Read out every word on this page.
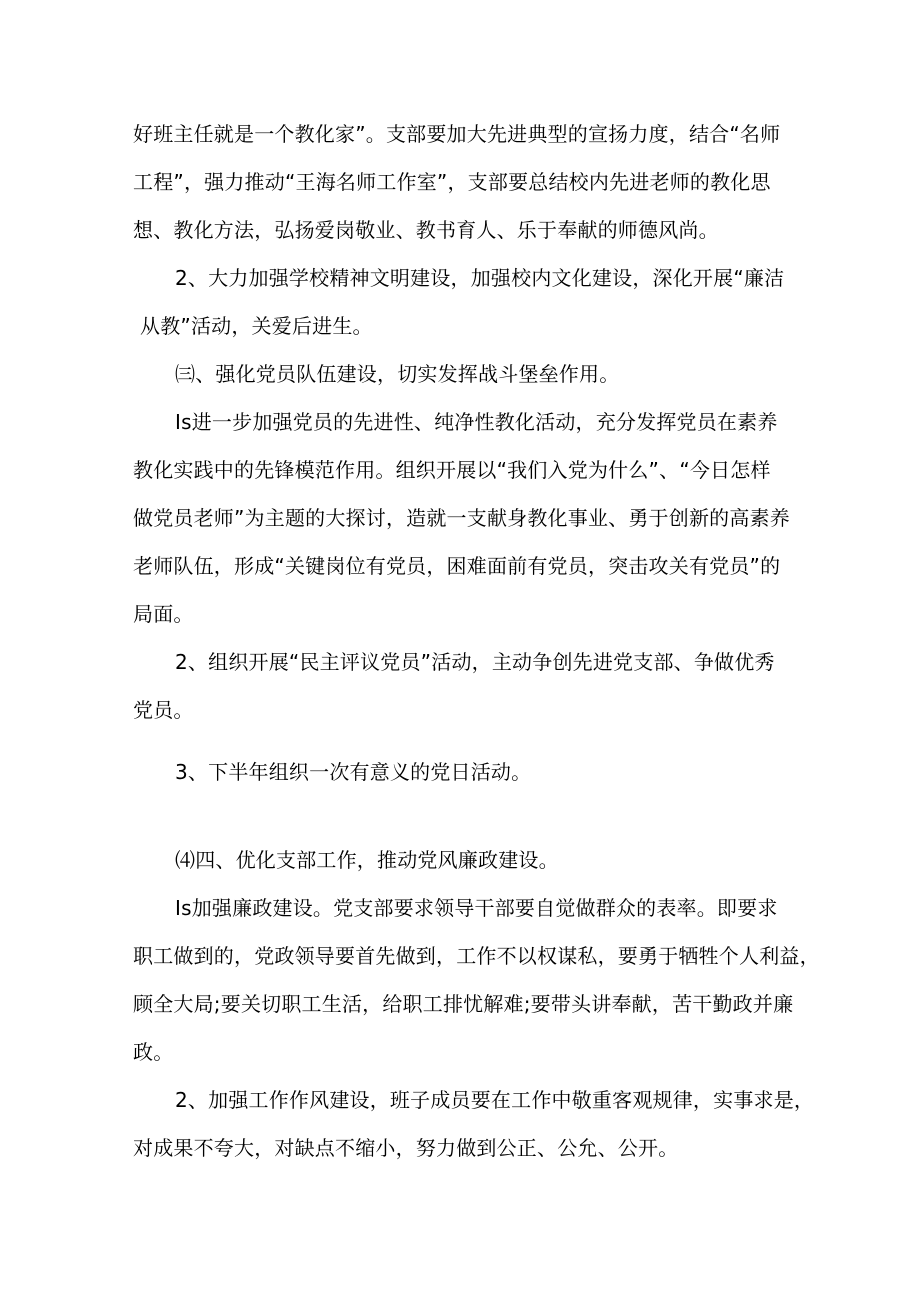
好班主任就是一个教化家”。支部要加大先进典型的宣扬力度，结合“名师
工程”，强力推动“王海名师工作室”，支部要总结校内先进老师的教化思
想、教化方法，弘扬爱岗敬业、教书育人、乐于奉献的师德风尚。
2、大力加强学校精神文明建设，加强校内文化建设，深化开展“廉洁
从教”活动，关爱后进生。
㈢、强化党员队伍建设，切实发挥战斗堡垒作用。
Is进一步加强党员的先进性、纯净性教化活动，充分发挥党员在素养
教化实践中的先锋模范作用。组织开展以“我们入党为什么”、“今日怎样
做党员老师”为主题的大探讨，造就一支献身教化事业、勇于创新的高素养
老师队伍，形成“关键岗位有党员，困难面前有党员，突击攻关有党员”的
局面。
2、组织开展“民主评议党员”活动，主动争创先进党支部、争做优秀
党员。
3、下半年组织一次有意义的党日活动。
⑷四、优化支部工作，推动党风廉政建设。
Is加强廉政建设。党支部要求领导干部要自觉做群众的表率。即要求
职工做到的，党政领导要首先做到，工作不以权谋私，要勇于牺牲个人利益，
顾全大局;要关切职工生活，给职工排忧解难;要带头讲奉献，苦干勤政并廉
政。
2、加强工作作风建设，班子成员要在工作中敬重客观规律，实事求是，
对成果不夸大，对缺点不缩小，努力做到公正、公允、公开。
